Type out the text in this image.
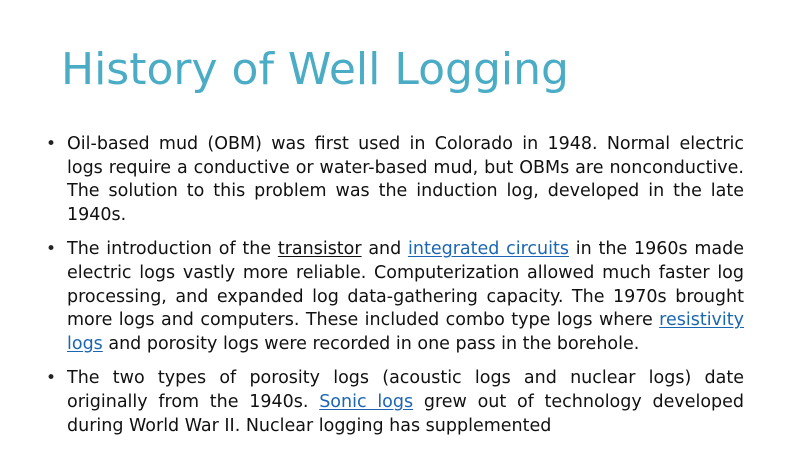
History of Well Logging
• Oil-based mud (OBM) was first used in Colorado in 1948. Normal electric logs require a conductive or water-based mud, but OBMs are nonconductive. The solution to this problem was the induction log, developed in the late 1940s.
• The introduction of the transistor and integrated circuits in the 1960s made electric logs vastly more reliable. Computerization allowed much faster log processing, and expanded log data-gathering capacity. The 1970s brought more logs and computers. These included combo type logs where resistivity logs and porosity logs were recorded in one pass in the borehole.
• The two types of porosity logs (acoustic logs and nuclear logs) date originally from the 1940s. Sonic logs grew out of technology developed during World War II. Nuclear logging has supplemented
